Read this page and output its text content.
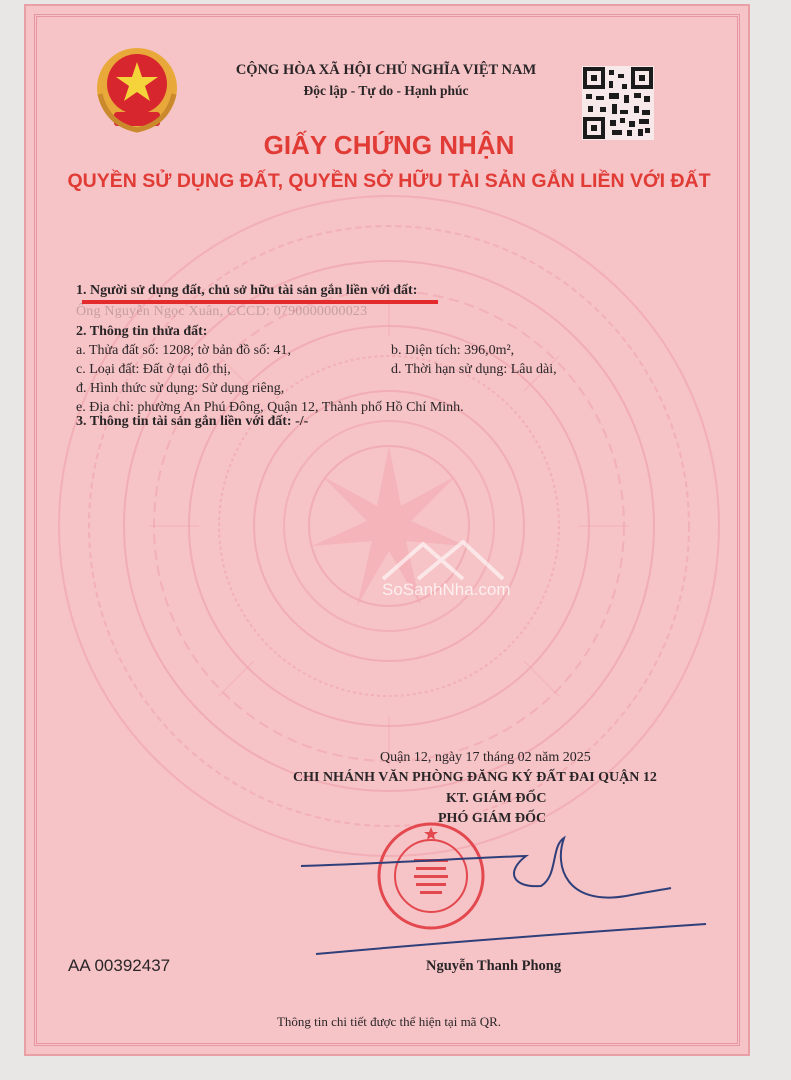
CỘNG HÒA XÃ HỘI CHỦ NGHĨA VIỆT NAM
Độc lập - Tự do - Hạnh phúc
GIẤY CHỨNG NHẬN
QUYỀN SỬ DỤNG ĐẤT, QUYỀN SỞ HỮU TÀI SẢN GẮN LIỀN VỚI ĐẤT
1. Người sử dụng đất, chủ sở hữu tài sản gắn liền với đất:
Ông Nguyễn Ngọc Xuân, CCCD: 0790000000023
2. Thông tin thửa đất:
a. Thửa đất số: 1208; tờ bản đồ số: 41,	b. Diện tích: 396,0m²,
c. Loại đất: Đất ở tại đô thị,	d. Thời hạn sử dụng: Lâu dài,
đ. Hình thức sử dụng: Sử dụng riêng,
e. Địa chỉ: phường An Phú Đông, Quận 12, Thành phố Hồ Chí Minh.
3. Thông tin tài sản gắn liền với đất: -/-
SoSanhNha.com
Quận 12, ngày 17 tháng 02 năm 2025
CHI NHÁNH VĂN PHÒNG ĐĂNG KÝ ĐẤT ĐAI QUẬN 12
KT. GIÁM ĐỐC
PHÓ GIÁM ĐỐC
Nguyễn Thanh Phong
AA 00392437
Thông tin chi tiết được thể hiện tại mã QR.
